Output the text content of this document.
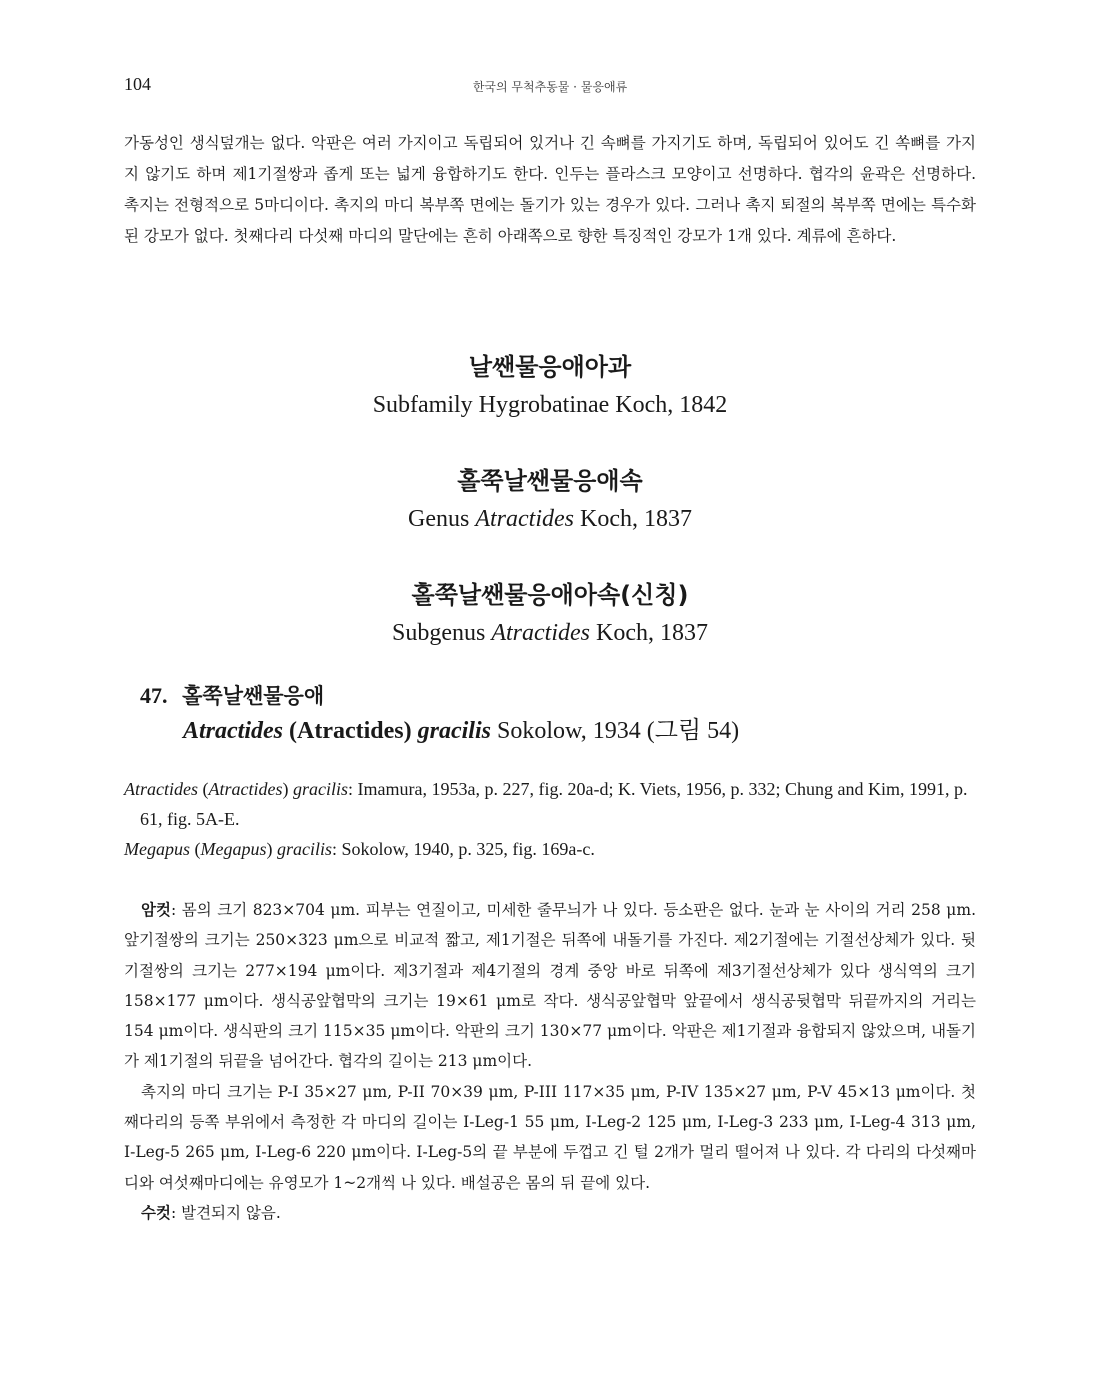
104	한국의 무척추동물 · 물응애류

가동성인 생식덮개는 없다. 악판은 여러 가지이고 독립되어 있거나 긴 속뼈를 가지기도 하며, 독립되어 있어도 긴 쏙뼈를 가지지 않기도 하며 제1기절쌍과 좁게 또는 넓게 융합하기도 한다. 인두는 플라스크 모양이고 선명하다. 협각의 윤곽은 선명하다. 촉지는 전형적으로 5마디이다. 촉지의 마디 복부쪽 면에는 돌기가 있는 경우가 있다. 그러나 촉지 퇴절의 복부쪽 면에는 특수화된 강모가 없다. 첫째다리 다섯째 마디의 말단에는 흔히 아래쪽으로 향한 특징적인 강모가 1개 있다. 계류에 흔하다.

날쌘물응애아과
Subfamily Hygrobatinae Koch, 1842
홀쭉날쌘물응애속
Genus Atractides Koch, 1837
홀쭉날쌘물응애아속(신칭)
Subgenus Atractides Koch, 1837
47. 홀쭉날쌘물응애
Atractides (Atractides) gracilis Sokolow, 1934 (그림 54)

Atractides (Atractides) gracilis: Imamura, 1953a, p. 227, fig. 20a-d; K. Viets, 1956, p. 332; Chung and Kim, 1991, p. 61, fig. 5A-E.

Megapus (Megapus) gracilis: Sokolow, 1940, p. 325, fig. 169a-c.

암컷: 몸의 크기 823×704 μm. 피부는 연질이고, 미세한 줄무늬가 나 있다. 등소판은 없다. 눈과 눈 사이의 거리 258 μm. 앞기절쌍의 크기는 250×323 μm으로 비교적 짧고, 제1기절은 뒤쪽에 내돌기를 가진다. 제2기절에는 기절선상체가 있다. 뒷기절쌍의 크기는 277×194 μm이다. 제3기절과 제4기절의 경계 중앙 바로 뒤쪽에 제3기절선상체가 있다 생식역의 크기 158×177 μm이다. 생식공앞협막의 크기는 19×61 μm로 작다. 생식공앞협막 앞끝에서 생식공뒷협막 뒤끝까지의 거리는 154 μm이다. 생식판의 크기 115×35 μm이다. 악판의 크기 130×77 μm이다. 악판은 제1기절과 융합되지 않았으며, 내돌기가 제1기절의 뒤끝을 넘어간다. 협각의 길이는 213 μm이다.

촉지의 마디 크기는 P-I 35×27 μm, P-II 70×39 μm, P-III 117×35 μm, P-IV 135×27 μm, P-V 45×13 μm이다. 첫째다리의 등쪽 부위에서 측정한 각 마디의 길이는 I-Leg-1 55 μm, I-Leg-2 125 μm, I-Leg-3 233 μm, I-Leg-4 313 μm, I-Leg-5 265 μm, I-Leg-6 220 μm이다. I-Leg-5의 끝 부분에 두껍고 긴 털 2개가 멀리 떨어져 나 있다. 각 다리의 다섯째마디와 여섯째마디에는 유영모가 1~2개씩 나 있다. 배설공은 몸의 뒤 끝에 있다.

수컷: 발견되지 않음.
